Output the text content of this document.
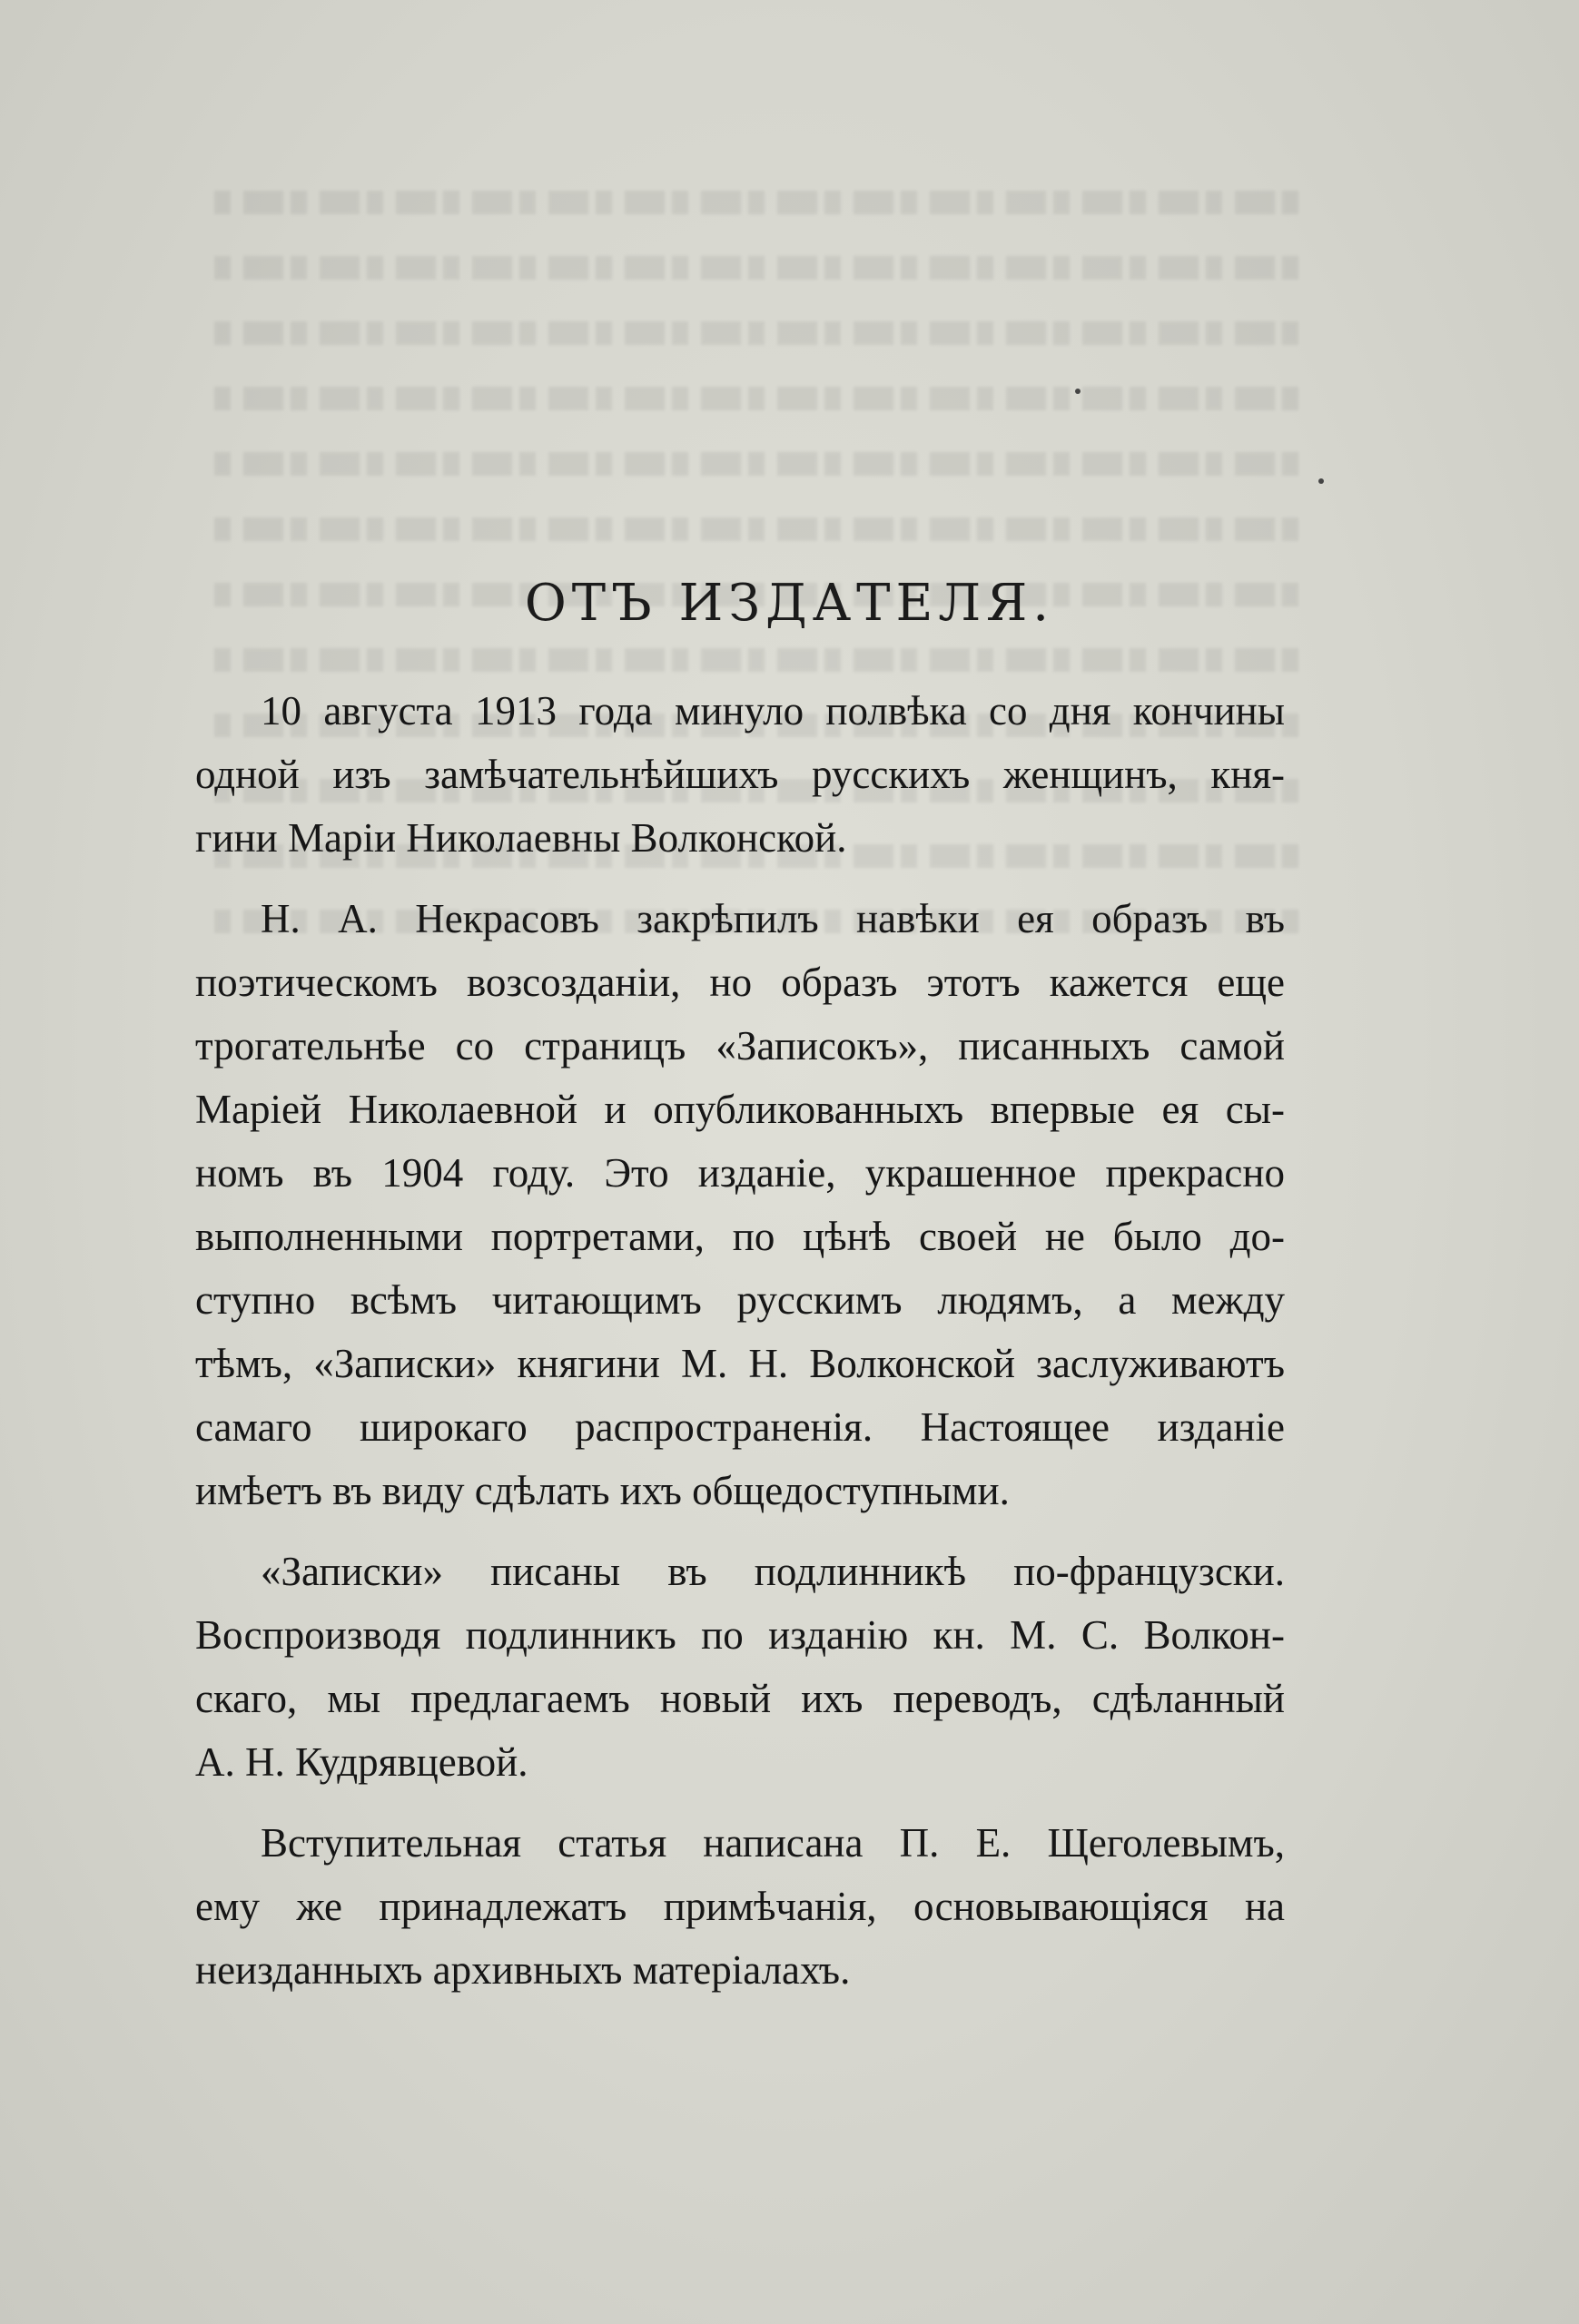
ОТЪ ИЗДАТЕЛЯ.

10 августа 1913 года минуло полвѣка со дня кончины
одной изъ замѣчательнѣйшихъ русскихъ женщинъ, кня-
гини Маріи Николаевны Волконской.

Н. А. Некрасовъ закрѣпилъ навѣки ея образъ въ
поэтическомъ возсозданіи, но образъ этотъ кажется еще
трогательнѣе со страницъ «Записокъ», писанныхъ самой
Маріей Николаевной и опубликованныхъ впервые ея сы-
номъ въ 1904 году. Это изданіе, украшенное прекрасно
выполненными портретами, по цѣнѣ своей не было до-
ступно всѣмъ читающимъ русскимъ людямъ, а между
тѣмъ, «Записки» княгини М. Н. Волконской заслуживаютъ
самаго широкаго распространенія. Настоящее изданіе
имѣетъ въ виду сдѣлать ихъ общедоступными.

«Записки» писаны въ подлинникѣ по-французски.
Воспроизводя подлинникъ по изданію кн. М. С. Волкон-
скаго, мы предлагаемъ новый ихъ переводъ, сдѣланный
А. Н. Кудрявцевой.

Вступительная статья написана П. Е. Щеголевымъ,
ему же принадлежатъ примѣчанія, основывающіяся на
неизданныхъ архивныхъ матеріалахъ.
